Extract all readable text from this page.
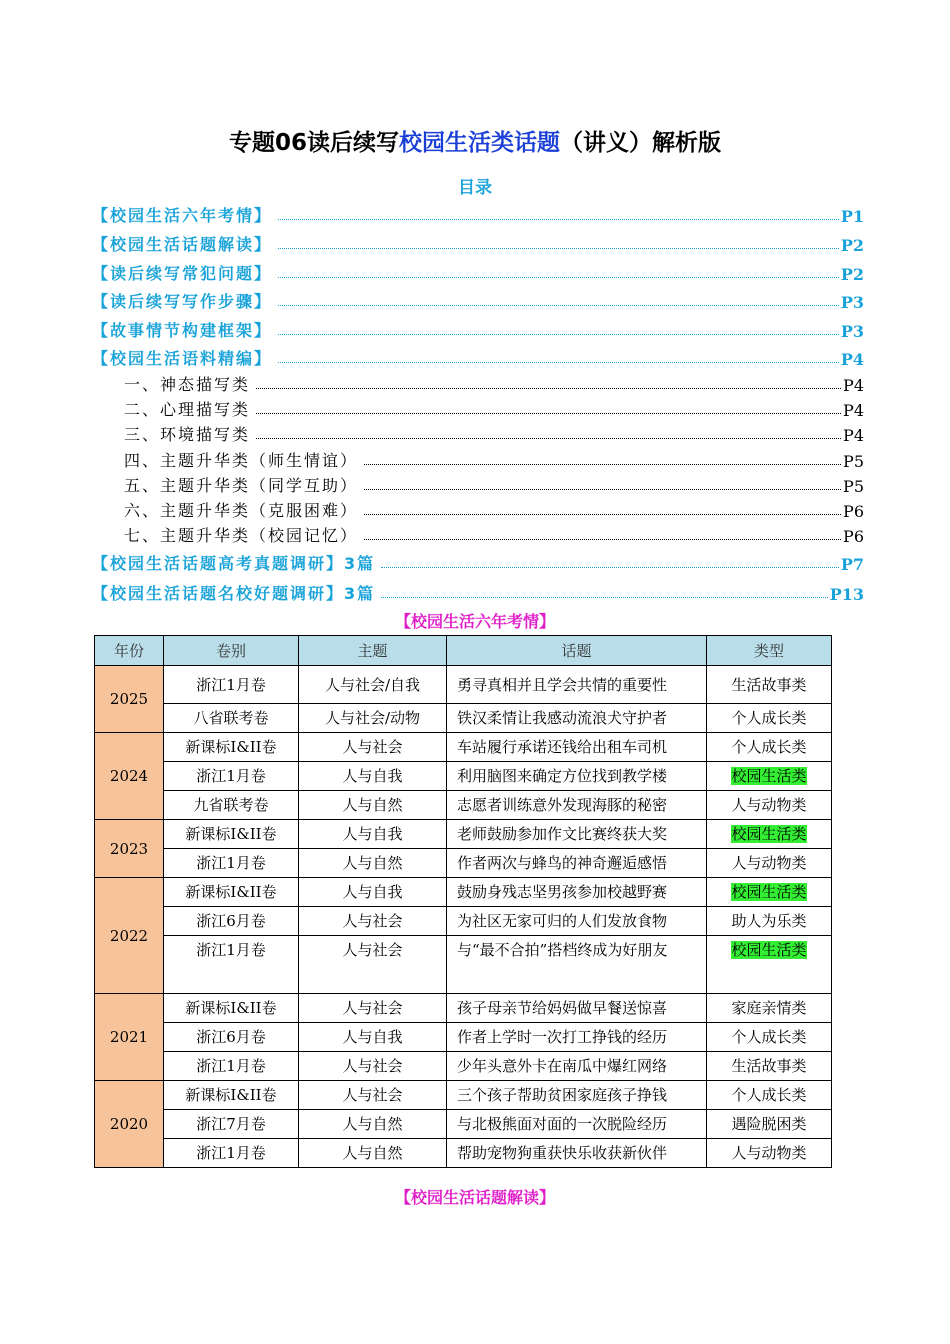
专题06读后续写校园生活类话题（讲义）解析版
目录
【校园生活六年考情】	P1
【校园生活话题解读】	P2
【读后续写常犯问题】	P2
【读后续写写作步骤】	P3
【故事情节构建框架】	P3
【校园生活语料精编】	P4
一、神态描写类	P4
二、心理描写类	P4
三、环境描写类	P4
四、主题升华类（师生情谊）	P5
五、主题升华类（同学互助）	P5
六、主题升华类（克服困难）	P6
七、主题升华类（校园记忆）	P6
【校园生活话题高考真题调研】3篇	P7
【校园生活话题名校好题调研】3篇	P13
【校园生活六年考情】
年份	卷别	主题	话题	类型
2025	浙江1月卷	人与社会/自我	勇寻真相并且学会共情的重要性	生活故事类
	八省联考卷	人与社会/动物	铁汉柔情让我感动流浪犬守护者	个人成长类
2024	新课标I&II卷	人与社会	车站履行承诺还钱给出租车司机	个人成长类
	浙江1月卷	人与自我	利用脑图来确定方位找到教学楼	校园生活类
	九省联考卷	人与自然	志愿者训练意外发现海豚的秘密	人与动物类
2023	新课标I&II卷	人与自我	老师鼓励参加作文比赛终获大奖	校园生活类
	浙江1月卷	人与自然	作者两次与蜂鸟的神奇邂逅感悟	人与动物类
2022	新课标I&II卷	人与自我	鼓励身残志坚男孩参加校越野赛	校园生活类
	浙江6月卷	人与社会	为社区无家可归的人们发放食物	助人为乐类
	浙江1月卷	人与社会	与“最不合拍”搭档终成为好朋友	校园生活类
2021	新课标I&II卷	人与社会	孩子母亲节给妈妈做早餐送惊喜	家庭亲情类
	浙江6月卷	人与自我	作者上学时一次打工挣钱的经历	个人成长类
	浙江1月卷	人与社会	少年头意外卡在南瓜中爆红网络	生活故事类
2020	新课标I&II卷	人与社会	三个孩子帮助贫困家庭孩子挣钱	个人成长类
	浙江7月卷	人与自然	与北极熊面对面的一次脱险经历	遇险脱困类
	浙江1月卷	人与自然	帮助宠物狗重获快乐收获新伙伴	人与动物类
【校园生活话题解读】
